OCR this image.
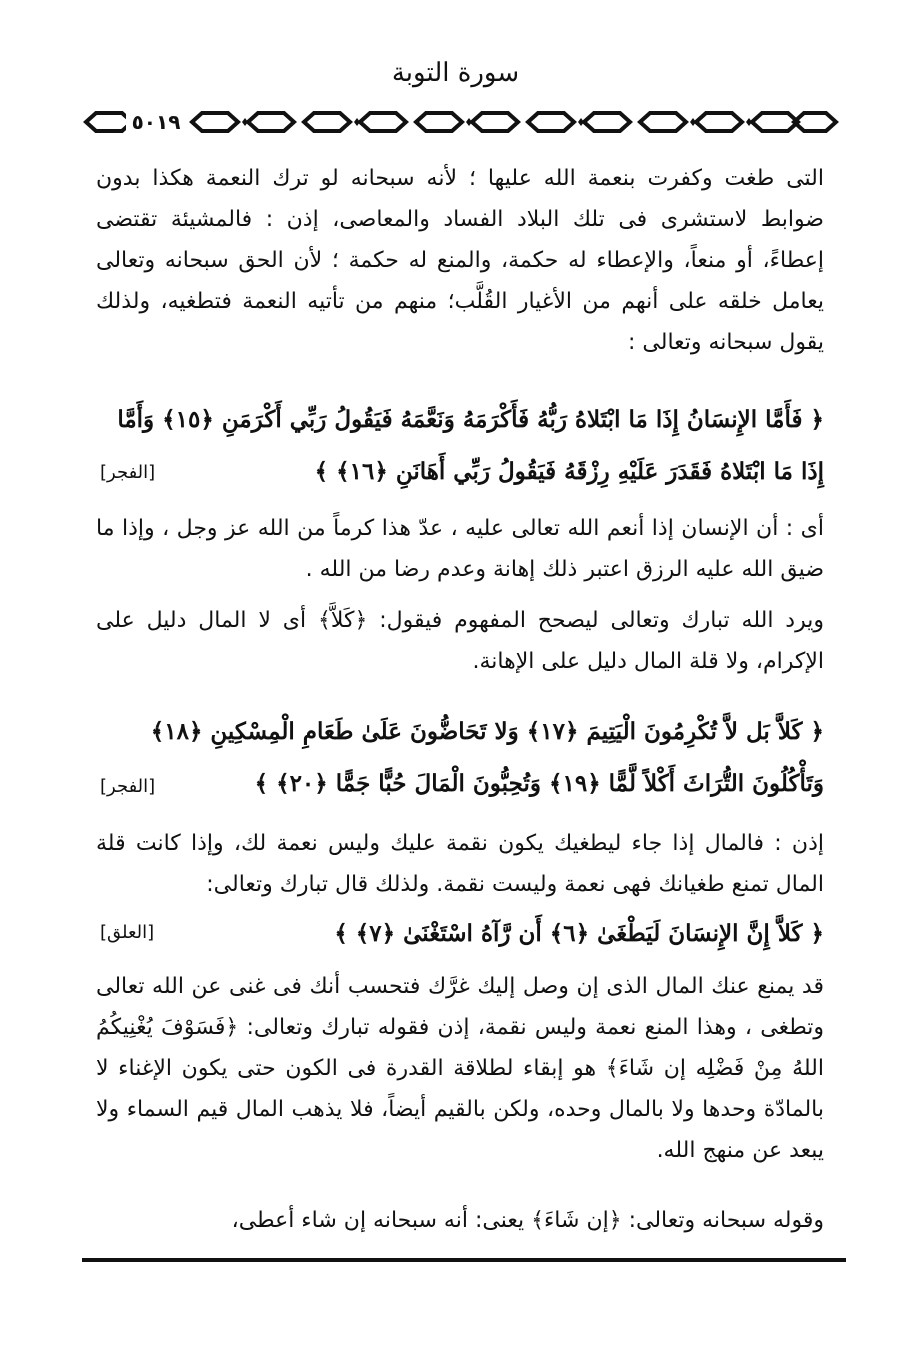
سورة التوبة
٥٠١٩
التى طغت وكفرت بنعمة الله عليها ؛ لأنه سبحانه لو ترك النعمة هكذا بدون ضوابط لاستشرى فى تلك البلاد الفساد والمعاصى، إذن : فالمشيئة تقتضى إعطاءً، أو منعاً، والإعطاء له حكمة، والمنع له حكمة ؛ لأن الحق سبحانه وتعالى يعامل خلقه على أنهم من الأغيار القُلَّب؛ منهم من تأتيه النعمة فتطغيه، ولذلك يقول سبحانه وتعالى :
﴿ فَأَمَّا الإِنسَانُ إِذَا مَا ابْتَلاهُ رَبُّهُ فَأَكْرَمَهُ وَنَعَّمَهُ فَيَقُولُ رَبِّي أَكْرَمَنِ ﴿١٥﴾ وَأَمَّا
إِذَا مَا ابْتَلاهُ فَقَدَرَ عَلَيْهِ رِزْقَهُ فَيَقُولُ رَبِّي أَهَانَنِ ﴿١٦﴾ ﴾
[الفجر]
أى : أن الإنسان إذا أنعم الله تعالى عليه ، عدّ هذا كرماً من الله عز وجل ، وإذا ما ضيق الله عليه الرزق اعتبر ذلك إهانة وعدم رضا من الله .
ويرد الله تبارك وتعالى ليصحح المفهوم فيقول: ﴿كَلاَّ﴾ أى لا المال دليل على الإكرام، ولا قلة المال دليل على الإهانة.
﴿ كَلاَّ بَل لاَّ تُكْرِمُونَ الْيَتِيمَ ﴿١٧﴾ وَلا تَحَاضُّونَ عَلَىٰ طَعَامِ الْمِسْكِينِ ﴿١٨﴾
وَتَأْكُلُونَ التُّرَاثَ أَكْلاً لَّمًّا ﴿١٩﴾ وَتُحِبُّونَ الْمَالَ حُبًّا جَمًّا ﴿٢٠﴾ ﴾
[الفجر]
إذن : فالمال إذا جاء ليطغيك يكون نقمة عليك وليس نعمة لك، وإذا كانت قلة المال تمنع طغيانك فهى نعمة وليست نقمة. ولذلك قال تبارك وتعالى:
﴿ كَلاَّ إِنَّ الإِنسَانَ لَيَطْغَىٰ ﴿٦﴾ أَن رَّآهُ اسْتَغْنَىٰ ﴿٧﴾ ﴾
[العلق]
قد يمنع عنك المال الذى إن وصل إليك غرَّك فتحسب أنك فى غنى عن الله تعالى وتطغى ، وهذا المنع نعمة وليس نقمة، إذن فقوله تبارك وتعالى: ﴿فَسَوْفَ يُغْنِيكُمُ اللهُ مِنْ فَضْلِه إن شَاءَ﴾ هو إبقاء لطلاقة القدرة فى الكون حتى يكون الإغناء لا بالمادّة وحدها ولا بالمال وحده، ولكن بالقيم أيضاً، فلا يذهب المال قيم السماء ولا يبعد عن منهج الله.
وقوله سبحانه وتعالى: ﴿إن شَاءَ﴾ يعنى: أنه سبحانه إن شاء أعطى،
